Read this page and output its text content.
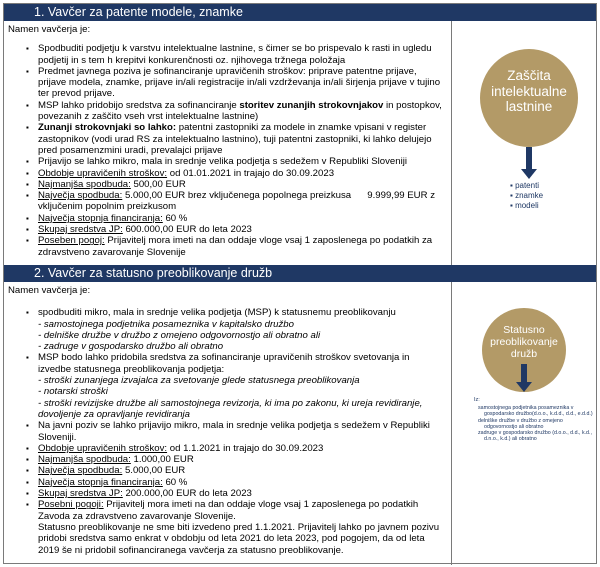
1. Vavčer za patente modele, znamke
Namen vavčerja je:
▪ Spodbuditi podjetju k varstvu intelektualne lastnine, s čimer se bo prispevalo k rasti in ugledu podjetij in s tem h krepitvi konkurenčnosti oz. njihovega tržnega položaja
▪ Predmet javnega poziva je sofinanciranje upravičenih stroškov: priprave patentne prijave, prijave modela, znamke, prijave in/ali registracije in/ali vzdrževanja in/ali širjenja prijave v tujino ter prevod prijave.
▪ MSP lahko pridobijo sredstva za sofinanciranje storitev zunanjih strokovnjakov in postopkov, povezanih z zaščito vseh vrst intelektualne lastnine)
▪ Zunanji strokovnjaki so lahko: patentni zastopniki za modele in znamke vpisani v register zastopnikov (vodi urad RS za intelektualno lastnino), tuji patentni zastopniki, ki lahko delujejo pred posamenzmini uradi, prevalajci prijave
▪ Prijavijo se lahko mikro, mala in srednje velika podjetja s sedežem v Republiki Sloveniji
▪ Obdobje upravičenih stroškov: od 01.01.2021 in trajajo do 30.09.2023
▪ Najmanjša spodbuda: 500,00 EUR
▪ Največja spodbuda: 5.000,00 EUR brez vključenega popolnega preizkusa 9.999,99 EUR z
vključenim popolnim preizkusom
▪ Največja stopnja financiranja: 60 %
▪ Skupaj sredstva JP: 600.000,00 EUR do leta 2023
▪ Poseben pogoj: Prijavitelj mora imeti na dan oddaje vloge vsaj 1 zaposlenega po podatkih za zdravstveno zavarovanje Slovenije
Zaščita intelektualne lastnine
▪ patenti
▪ znamke
▪ modeli
2. Vavčer za statusno preoblikovanje družb
Namen vavčerja je:
▪ spodbuditi mikro, mala in srednje velika podjetja (MSP) k statusnemu preoblikovanju
- samostojnega podjetnika posameznika v kapitalsko družbo
- delniške družbe v družbo z omejeno odgovornostjo ali obratno ali
- zadruge v gospodarsko družbo ali obratno
▪ MSP bodo lahko pridobila sredstva za sofinanciranje upravičenih stroškov svetovanja in izvedbe statusnega preoblikovanja podjetja:
- stroški zunanjega izvajalca za svetovanje glede statusnega preoblikovanja
- notarski stroški
- stroški revizijske družbe ali samostojnega revizorja, ki ima po zakonu, ki ureja revidiranje, dovoljenje za opravljanje revidiranja
▪ Na javni poziv se lahko prijavijo mikro, mala in srednje velika podjetja s sedežem v Republiki Sloveniji.
▪ Obdobje upravičenih stroškov: od 1.1.2021 in trajajo do 30.09.2023
▪ Najmanjša spodbuda: 1.000,00 EUR
▪ Največja spodbuda: 5.000,00 EUR
▪ Največja stopnja financiranja: 60 %
▪ Skupaj sredstva JP: 200.000,00 EUR do leta 2023
▪ Posebni pogoji: Prijavitelj mora imeti na dan oddaje vloge vsaj 1 zaposlenega po podatkih Zavoda za zdravstveno zavarovanje Slovenije.
Statusno preoblikovanje ne sme biti izvedeno pred 1.1.2021. Prijavitelj lahko po javnem pozivu pridobi sredstva samo enkrat v obdobju od leta 2021 do leta 2023, pod pogojem, da od leta 2019 še ni pridobil sofinanciranega vavčerja za statusno preoblikovanje.
Statusno preoblikovanje družb
Iz:
samostojnega podjetnika posameznika v gospodarsko družbo(d.o.o., k.d.d., d.d., e.d.d.)
delniške družbe v družbo z omejeno odgovornostjo ali obratno
zadruge v gospodarsko družbo (d.o.o., d.d., k.d., d.n.o., k.d.) ali obratno
